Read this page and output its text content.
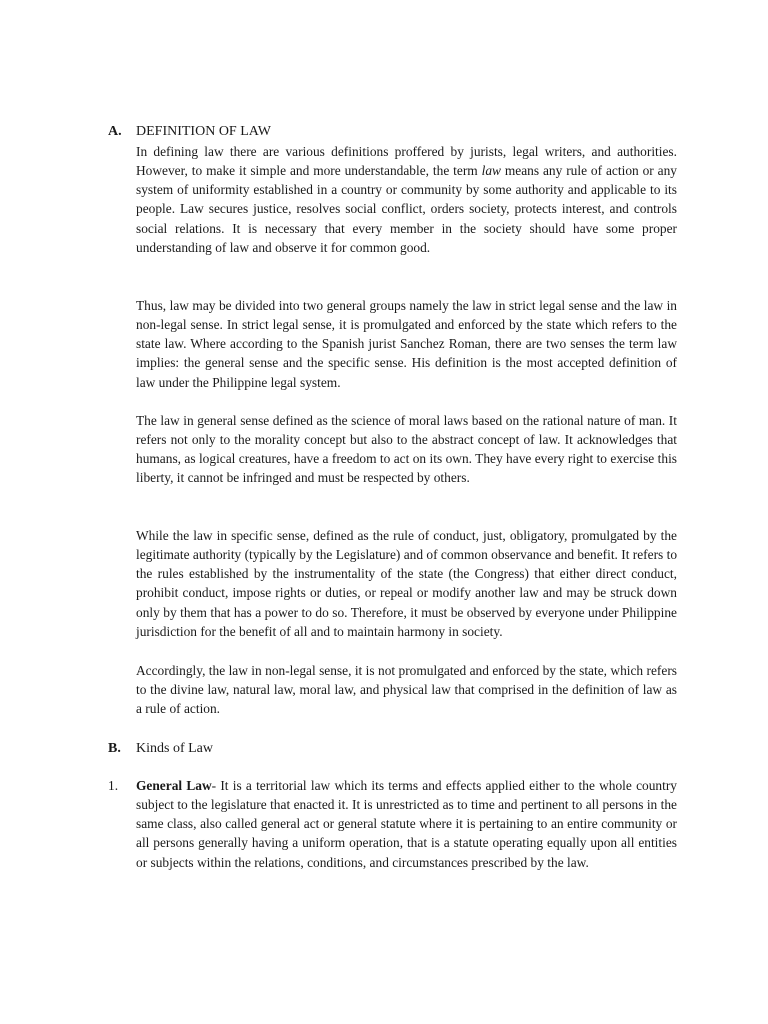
A. DEFINITION OF LAW

In defining law there are various definitions proffered by jurists, legal writers, and authorities. However, to make it simple and more understandable, the term law means any rule of action or any system of uniformity established in a country or community by some authority and applicable to its people. Law secures justice, resolves social conflict, orders society, protects interest, and controls social relations. It is necessary that every member in the society should have some proper understanding of law and observe it for common good.

Thus, law may be divided into two general groups namely the law in strict legal sense and the law in non-legal sense. In strict legal sense, it is promulgated and enforced by the state which refers to the state law. Where according to the Spanish jurist Sanchez Roman, there are two senses the term law implies: the general sense and the specific sense. His definition is the most accepted definition of law under the Philippine legal system.

The law in general sense defined as the science of moral laws based on the rational nature of man. It refers not only to the morality concept but also to the abstract concept of law. It acknowledges that humans, as logical creatures, have a freedom to act on its own. They have every right to exercise this liberty, it cannot be infringed and must be respected by others.

While the law in specific sense, defined as the rule of conduct, just, obligatory, promulgated by the legitimate authority (typically by the Legislature) and of common observance and benefit. It refers to the rules established by the instrumentality of the state (the Congress) that either direct conduct, prohibit conduct, impose rights or duties, or repeal or modify another law and may be struck down only by them that has a power to do so. Therefore, it must be observed by everyone under Philippine jurisdiction for the benefit of all and to maintain harmony in society.

Accordingly, the law in non-legal sense, it is not promulgated and enforced by the state, which refers to the divine law, natural law, moral law, and physical law that comprised in the definition of law as a rule of action.

B. Kinds of Law
1.	General Law- It is a territorial law which its terms and effects applied either to the whole country subject to the legislature that enacted it. It is unrestricted as to time and pertinent to all persons in the same class, also called general act or general statute where it is pertaining to an entire community or all persons generally having a uniform operation, that is a statute operating equally upon all entities or subjects within the relations, conditions, and circumstances prescribed by the law.
